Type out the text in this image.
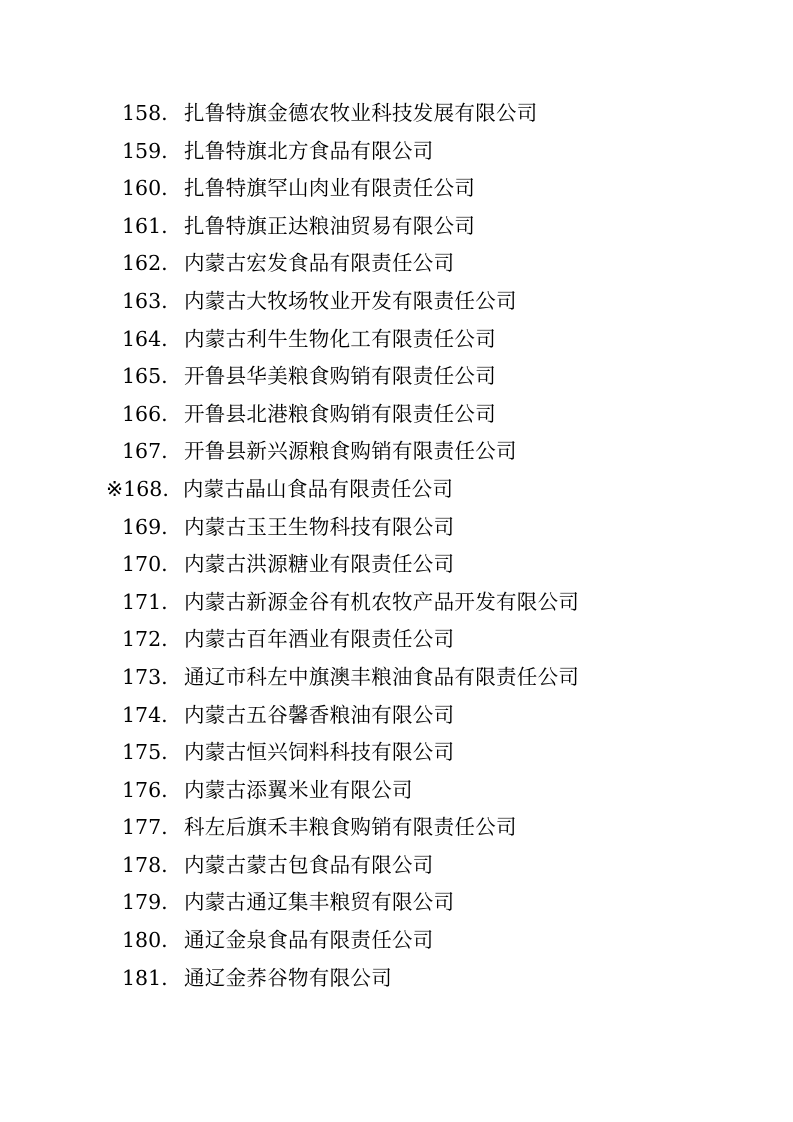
158. 扎鲁特旗金德农牧业科技发展有限公司
159. 扎鲁特旗北方食品有限公司
160. 扎鲁特旗罕山肉业有限责任公司
161. 扎鲁特旗正达粮油贸易有限公司
162. 内蒙古宏发食品有限责任公司
163. 内蒙古大牧场牧业开发有限责任公司
164. 内蒙古利牛生物化工有限责任公司
165. 开鲁县华美粮食购销有限责任公司
166. 开鲁县北港粮食购销有限责任公司
167. 开鲁县新兴源粮食购销有限责任公司
※168. 内蒙古晶山食品有限责任公司
169. 内蒙古玉王生物科技有限公司
170. 内蒙古洪源糖业有限责任公司
171. 内蒙古新源金谷有机农牧产品开发有限公司
172. 内蒙古百年酒业有限责任公司
173. 通辽市科左中旗澳丰粮油食品有限责任公司
174. 内蒙古五谷馨香粮油有限公司
175. 内蒙古恒兴饲料科技有限公司
176. 内蒙古添翼米业有限公司
177. 科左后旗禾丰粮食购销有限责任公司
178. 内蒙古蒙古包食品有限公司
179. 内蒙古通辽集丰粮贸有限公司
180. 通辽金泉食品有限责任公司
181. 通辽金荞谷物有限公司
